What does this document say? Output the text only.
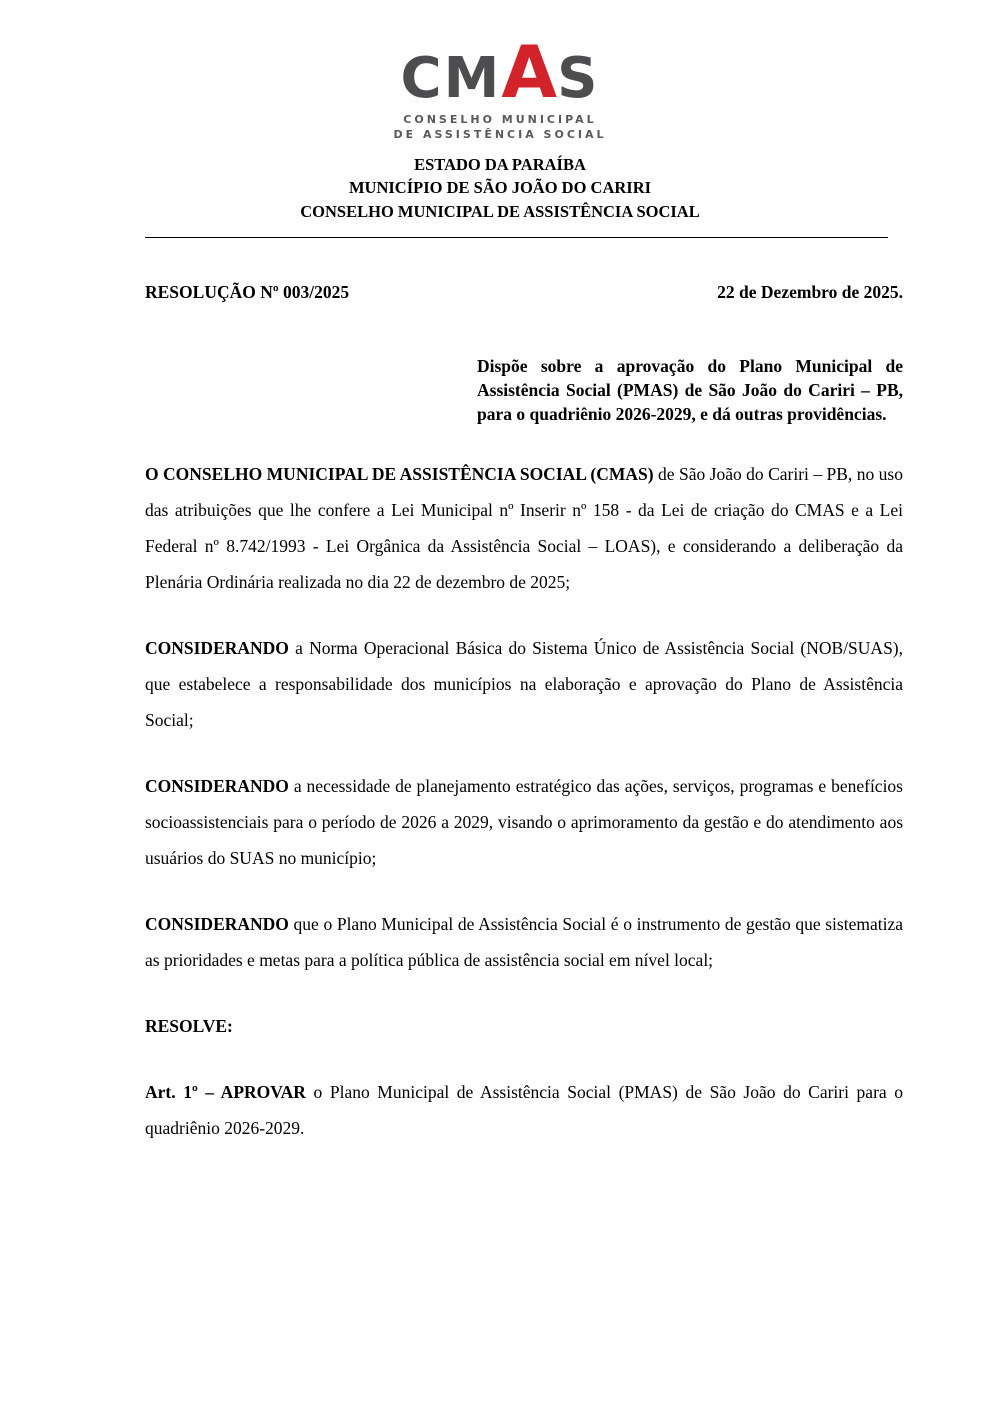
CMAS
CONSELHO MUNICIPAL
DE ASSISTÊNCIA SOCIAL
ESTADO DA PARAÍBA
MUNICÍPIO DE SÃO JOÃO DO CARIRI
CONSELHO MUNICIPAL DE ASSISTÊNCIA SOCIAL
RESOLUÇÃO Nº 003/2025	22 de Dezembro de 2025.
Dispõe sobre a aprovação do Plano Municipal de Assistência Social (PMAS) de São João do Cariri – PB, para o quadriênio 2026-2029, e dá outras providências.

O CONSELHO MUNICIPAL DE ASSISTÊNCIA SOCIAL (CMAS) de São João do Cariri – PB, no uso das atribuições que lhe confere a Lei Municipal nº Inserir nº 158 - da Lei de criação do CMAS e a Lei Federal nº 8.742/1993 - Lei Orgânica da Assistência Social – LOAS), e considerando a deliberação da Plenária Ordinária realizada no dia 22 de dezembro de 2025;

CONSIDERANDO a Norma Operacional Básica do Sistema Único de Assistência Social (NOB/SUAS), que estabelece a responsabilidade dos municípios na elaboração e aprovação do Plano de Assistência Social;

CONSIDERANDO a necessidade de planejamento estratégico das ações, serviços, programas e benefícios socioassistenciais para o período de 2026 a 2029, visando o aprimoramento da gestão e do atendimento aos usuários do SUAS no município;

CONSIDERANDO que o Plano Municipal de Assistência Social é o instrumento de gestão que sistematiza as prioridades e metas para a política pública de assistência social em nível local;

RESOLVE:

Art. 1º – APROVAR o Plano Municipal de Assistência Social (PMAS) de São João do Cariri para o quadriênio 2026-2029.
